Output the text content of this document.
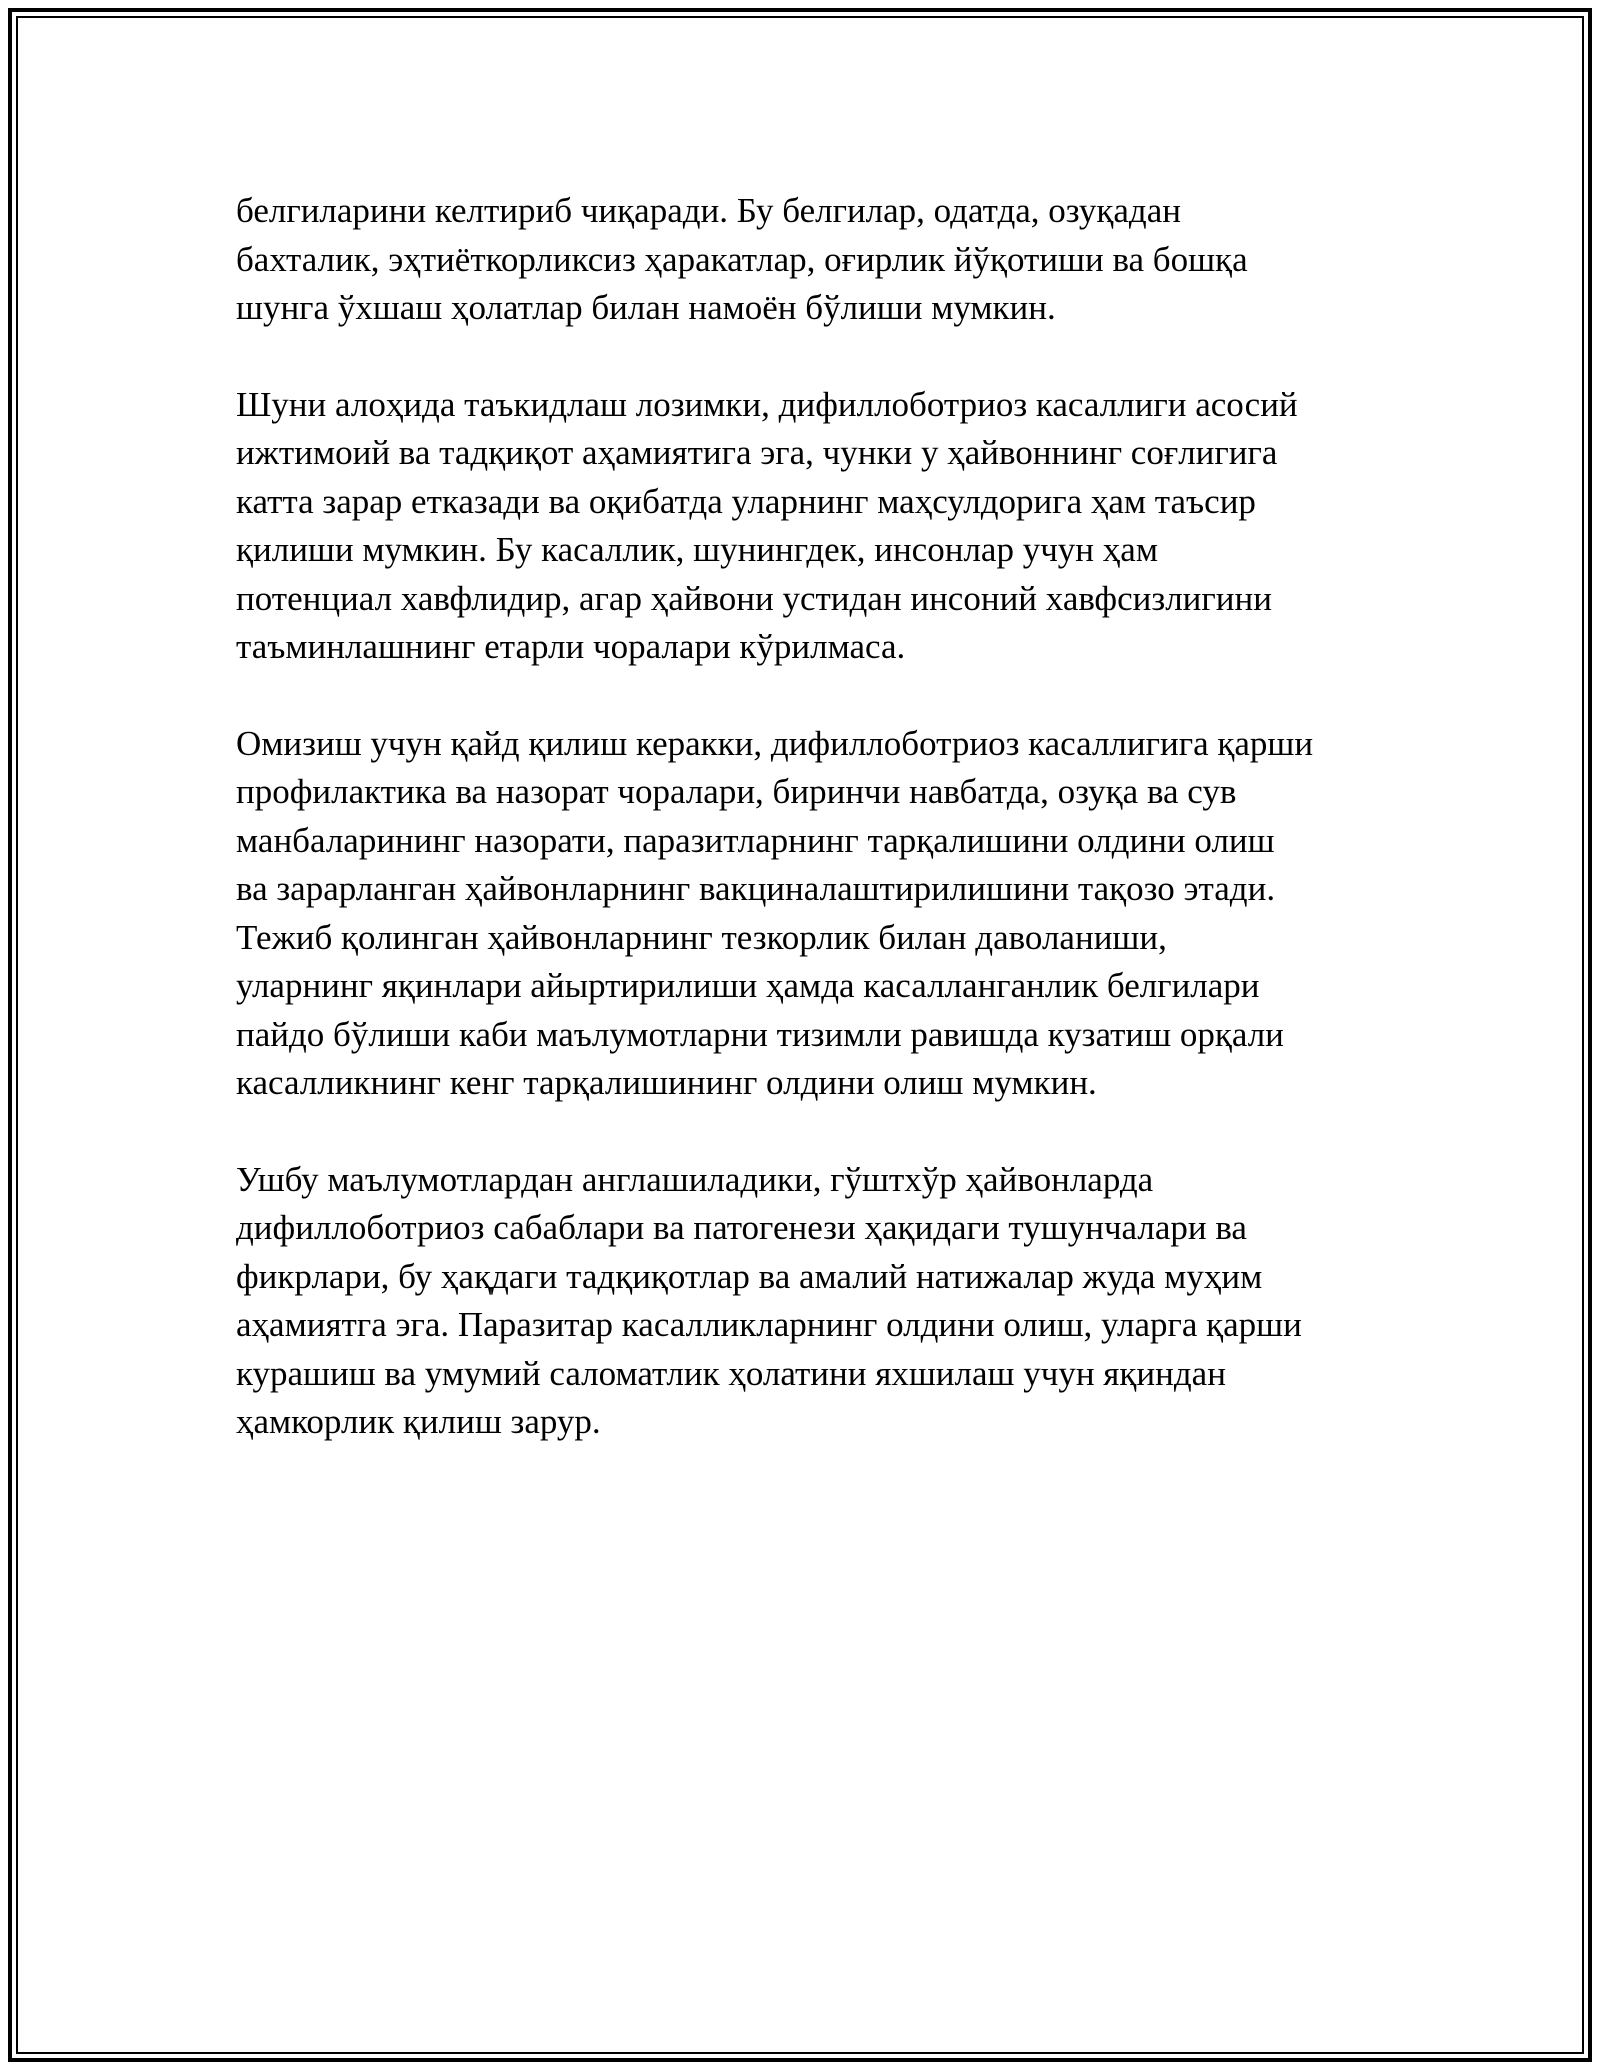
белгиларини келтириб чиқаради. Бу белгилар, одатда, озуқадан
бахталик, эҳтиёткорликсиз ҳаракатлар, оғирлик йўқотиши ва бошқа
шунга ўхшаш ҳолатлар билан намоён бўлиши мумкин.

Шуни алоҳида таъкидлаш лозимки, дифиллоботриоз касаллиги асосий
ижтимоий ва тадқиқот аҳамиятига эга, чунки у ҳайвоннинг соғлигига
катта зарар етказади ва оқибатда уларнинг маҳсулдорига ҳам таъсир
қилиши мумкин. Бу касаллик, шунингдек, инсонлар учун ҳам
потенциал хавфлидир, агар ҳайвони устидан инсоний хавфсизлигини
таъминлашнинг етарли чоралари кўрилмаса.

Омизиш учун қайд қилиш керакки, дифиллоботриоз касаллигига қарши
профилактика ва назорат чоралари, биринчи навбатда, озуқа ва сув
манбаларининг назорати, паразитларнинг тарқалишини олдини олиш
ва зарарланган ҳайвонларнинг вакциналаштирилишини тақозо этади.
Тежиб қолинган ҳайвонларнинг тезкорлик билан даволаниши,
уларнинг яқинлари айыртирилиши ҳамда касалланганлик белгилари
пайдо бўлиши каби маълумотларни тизимли равишда кузатиш орқали
касалликнинг кенг тарқалишининг олдини олиш мумкин.

Ушбу маълумотлардан англашиладики, гўштхўр ҳайвонларда
дифиллоботриоз сабаблари ва патогенези ҳақидаги тушунчалари ва
фикрлари, бу ҳақдаги тадқиқотлар ва амалий натижалар жуда муҳим
аҳамиятга эга. Паразитар касалликларнинг олдини олиш, уларга қарши
курашиш ва умумий саломатлик ҳолатини яхшилаш учун яқиндан
ҳамкорлик қилиш зарур.
